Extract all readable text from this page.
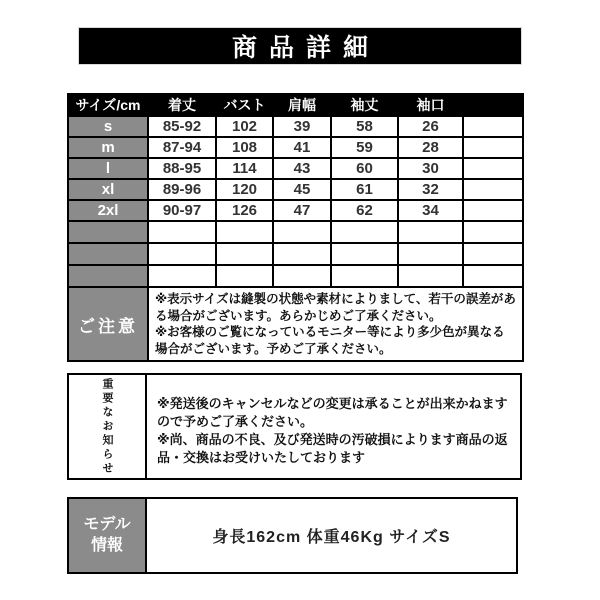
商品詳細
サイズ/cm	着丈	バスト	肩幅	袖丈	袖口	
s	85-92	102	39	58	26	
m	87-94	108	41	59	28	
l	88-95	114	43	60	30	
xl	89-96	120	45	61	32	
2xl	90-97	126	47	62	34	

ご注意	※表示サイズは縫製の状態や素材によりまして、若干の誤差がある場合がございます。あらかじめご了承ください。
※お客様のご覧になっているモニター等により多少色が異なる場合がございます。予めご了承ください。					
重要なお知らせ	※発送後のキャンセルなどの変更は承ることが出来かねますので予めご了承ください。
※尚、商品の不良、及び発送時の汚破損によります商品の返品・交換はお受けいたしております
モデル情報	身長162cm 体重46Kg サイズS
